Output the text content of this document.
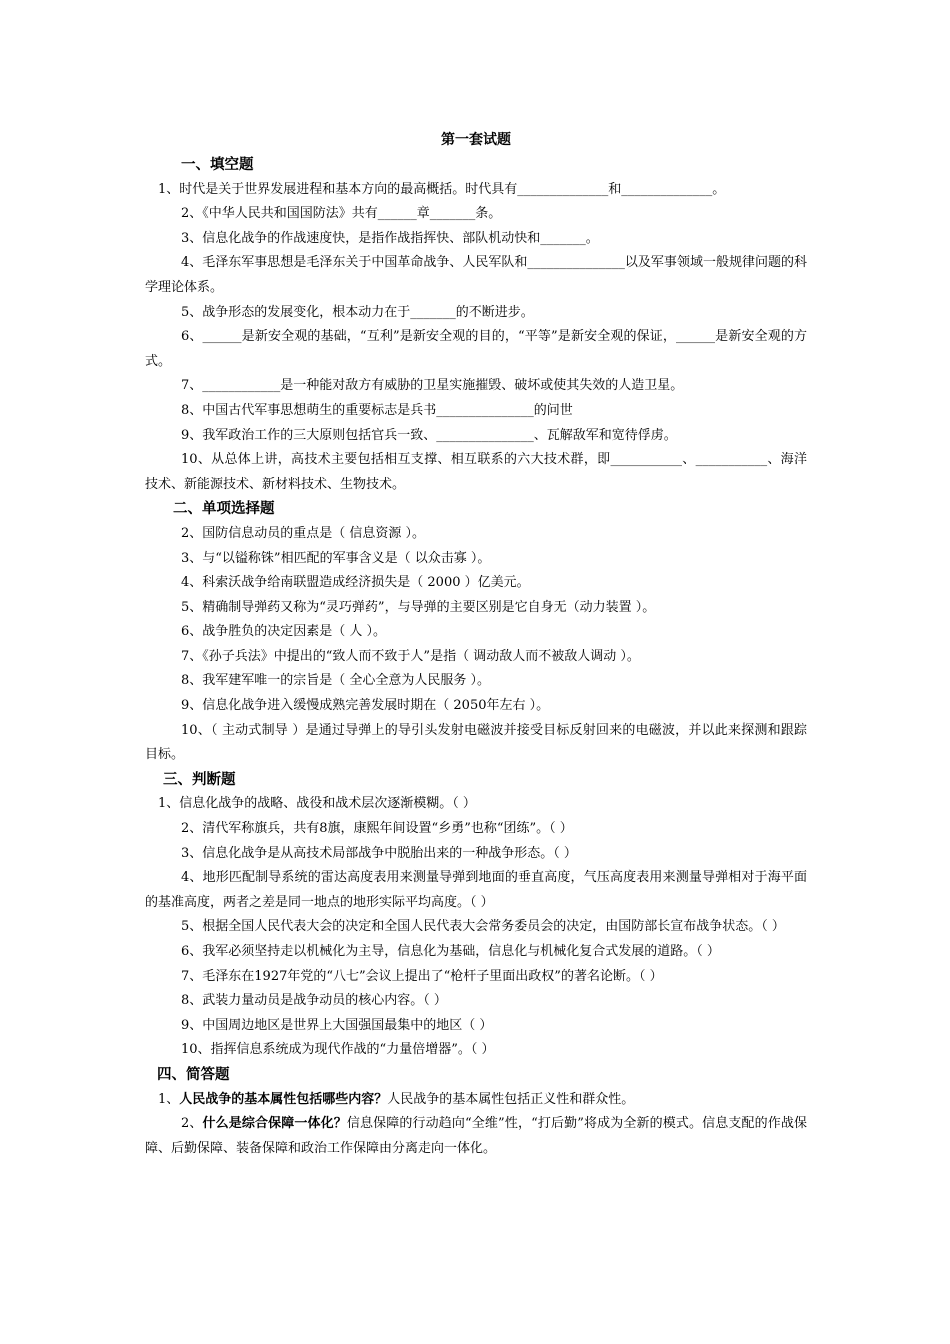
第一套试题
一、填空题
1、时代是关于世界发展进程和基本方向的最高概括。时代具有______________和______________。
2、《中华人民共和国国防法》共有______章_______条。
3、信息化战争的作战速度快，是指作战指挥快、部队机动快和_______。
4、毛泽东军事思想是毛泽东关于中国革命战争、人民军队和_______________以及军事领域一般规律问题的科学理论体系。
5、战争形态的发展变化，根本动力在于_______的不断进步。
6、______是新安全观的基础，“互利”是新安全观的目的，“平等”是新安全观的保证，______是新安全观的方式。
7、____________是一种能对敌方有威胁的卫星实施摧毁、破坏或使其失效的人造卫星。
8、中国古代军事思想萌生的重要标志是兵书_______________的问世
9、我军政治工作的三大原则包括官兵一致、_______________、瓦解敌军和宽待俘虏。
10、从总体上讲，高技术主要包括相互支撑、相互联系的六大技术群，即___________、___________、海洋技术、新能源技术、新材料技术、生物技术。
二、单项选择题
2、国防信息动员的重点是（ 信息资源 ）。
3、与“以镒称铢”相匹配的军事含义是（ 以众击寡 ）。
4、科索沃战争给南联盟造成经济损失是（ 2000 ）亿美元。
5、精确制导弹药又称为“灵巧弹药”，与导弹的主要区别是它自身无（动力装置 ）。
6、战争胜负的决定因素是（ 人 ）。
7、《孙子兵法》中提出的“致人而不致于人”是指（ 调动敌人而不被敌人调动 ）。
8、我军建军唯一的宗旨是（ 全心全意为人民服务 ）。
9、信息化战争进入缓慢成熟完善发展时期在（ 2050年左右 ）。
10、（ 主动式制导 ）是通过导弹上的导引头发射电磁波并接受目标反射回来的电磁波，并以此来探测和跟踪目标。
三、判断题
1、信息化战争的战略、战役和战术层次逐渐模糊。（ ）
2、清代军称旗兵，共有8旗，康熙年间设置“乡勇”也称“团练”。（ ）
3、信息化战争是从高技术局部战争中脱胎出来的一种战争形态。（ ）
4、地形匹配制导系统的雷达高度表用来测量导弹到地面的垂直高度，气压高度表用来测量导弹相对于海平面的基准高度，两者之差是同一地点的地形实际平均高度。（ ）
5、根据全国人民代表大会的决定和全国人民代表大会常务委员会的决定，由国防部长宣布战争状态。（ ）
6、我军必须坚持走以机械化为主导，信息化为基础，信息化与机械化复合式发展的道路。（ ）
7、毛泽东在1927年党的“八七”会议上提出了“枪杆子里面出政权”的著名论断。（ ）
8、武装力量动员是战争动员的核心内容。（ ）
9、中国周边地区是世界上大国强国最集中的地区（ ）
10、指挥信息系统成为现代作战的“力量倍增器”。（ ）
四、简答题
1、人民战争的基本属性包括哪些内容？人民战争的基本属性包括正义性和群众性。
2、什么是综合保障一体化？信息保障的行动趋向“全维”性，“打后勤”将成为全新的模式。信息支配的作战保障、后勤保障、装备保障和政治工作保障由分离走向一体化。
